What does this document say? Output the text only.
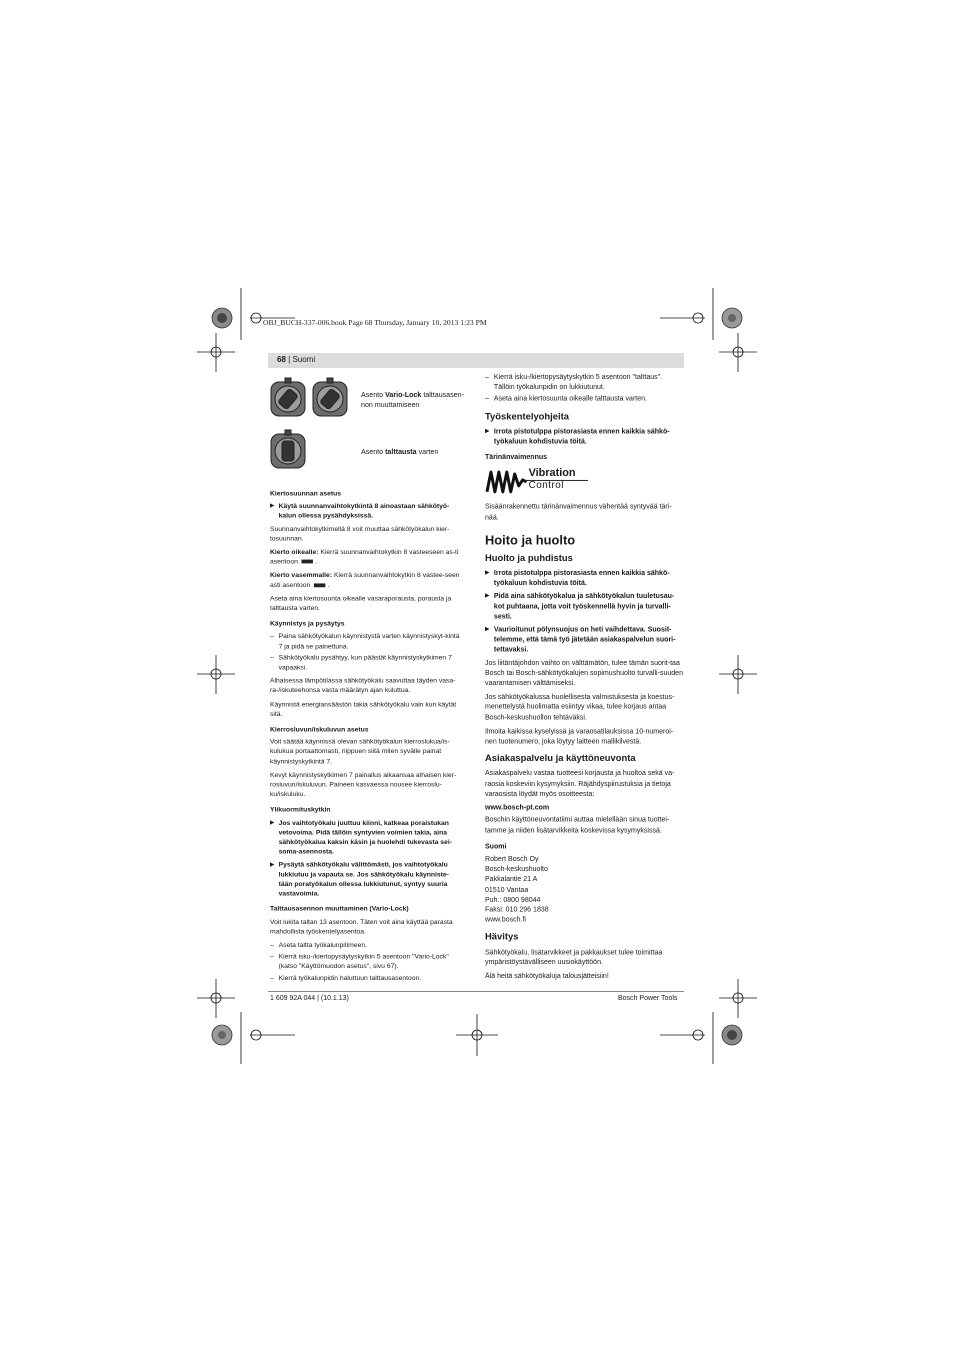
OBJ_BUCH-337-006.book Page 68 Thursday, January 10, 2013 1:23 PM
68 | Suomi
Asento Vario-Lock talttausasen-
non muuttamiseen
Asento talttausta varten
Kiertosuunnan asetus
▶ Käytä suunnanvaihtokytkintä 8 ainoastaan sähkötyö-kalun ollessa pysähdyksissä.

Suunnanvaihtokytkimellä 8 voit muuttaa sähkötyökalun kier-tosuunnan.

Kierto oikealle: Kierrä suunnanvaihtokytkin 8 vasteeseen as-ti asentoon .

Kierto vasemmalle: Kierrä suunnanvaihtokytkin 8 vastee-seen asti asentoon .

Aseta aina kiertosuunta oikealle vasaraporausta, porausta ja talttausta varten.

Käynnistys ja pysäytys
– Paina sähkötyökalun käynnistystä varten käynnistyskyt-kintä 7 ja pidä se painettuna.
– Sähkötyökalu pysähtyy, kun päästät käynnistyskytkimen 7 vapaaksi.

Alhaisessa lämpötilassa sähkötyökalu saavuttaa täyden vasa-ra-/iskuteehonsa vasta määrätyn ajan kuluttua.

Käynnistä energiansäästön takia sähkötyökalu vain kun käytät sitä.

Kierrosluvun/iskuluvun asetus

Voit säätää käynnissä olevan sähkötyökalun kierroslukua/is-kulukua portaattomasti, riippuen siitä miten syvälle painat käynnistyskytkintä 7.

Kevyt käynnistyskytkimen 7 painallus aikaansaa alhaisen kier-rosluvun/iskuluvun. Paineen kasvaessa nousee kierroslu-ku/iskuluku.

Ylikuormituskytkin
▶ Jos vaihtotyökalu juuttuu kiinni, katkeaa poraistukan vetovoima. Pidä tällöin syntyvien voimien takia, aina sähkötyökalua kaksin käsin ja huolehdi tukevasta sei-soma-asennosta.
▶ Pysäytä sähkötyökalu välittömästi, jos vaihtotyökalu lukkiutuu ja vapauta se. Jos sähkötyökalu käynniste-tään poratyökalun ollessa lukkiutunut, syntyy suuria vastavoimia.
Talttausasennon muuttaminen (Vario-Lock)

Voit lukita taltan 13 asentoon. Täten voit aina käyttää parasta mahdollista työskentelyasentoa.

– Aseta taltta työkalunpitimeen.
– Kierrä isku-/kiertopysäytyskytkin 5 asentoon "Vario-Lock" (katso "Käyttömuodon asetus", sivu 67).
– Kierrä työkalunpidin haluttuun talttausasentoon.
– Kierrä isku-/kiertopysäytyskytkin 5 asentoon "talttaus". Tällöin työkalunpidin on lukkiutunut.
– Aseta aina kiertosuunta oikealle talttausta varten.
Työskentelyohjeita
▶ Irrota pistotulppa pistorasiasta ennen kaikkia sähkö-työkaluun kohdistuvia töitä.
Tärinänvaimennus
Vibration
Control

Sisäänrakennettu tärinänvaimennus vähentää syntyvää täri-nää.

Hoito ja huolto
Huolto ja puhdistus
▶ Irrota pistotulppa pistorasiasta ennen kaikkia sähkö-työkaluun kohdistuvia töitä.
▶ Pidä aina sähkötyökalua ja sähkötyökalun tuuletusau-kot puhtaana, jotta voit työskennellä hyvin ja turvalli-sesti.
▶ Vaurioitunut pölynsuojus on heti vaihdettava. Suosit-telemme, että tämä työ jätetään asiakaspalvelun suori-tettavaksi.

Jos liitäntäjohdon vaihto on välttämätön, tulee tämän suorit-taa Bosch tai Bosch-sähkötyökalujen sopimushuolto turvalli-suuden vaarantamisen välttämiseksi.

Jos sähkötyökalussa huolellisesta valmistuksesta ja koestus-menettelystä huolimatta esiintyy vikaa, tulee korjaus antaa Bosch-keskushuollon tehtäväksi.

Ilmoita kaikissa kyselyissä ja varaosatilauksissa 10-numeroi-nen tuotenumero, joka löytyy laitteen mallikilvestä.

Asiakaspalvelu ja käyttöneuvonta

Asiakaspalvelu vastaa tuotteesi korjausta ja huoltoa sekä va-raosia koskeviin kysymyksiin. Räjähdyspiirustuksia ja tietoja varaosista löydät myös osoitteesta:

www.bosch-pt.com

Boschin käyttöneuvontatiimi auttaa mielellään sinua tuottei-tamme ja niiden lisätarvikkeita koskevissa kysymyksissä.

Suomi
Robert Bosch Oy
Bosch-keskushuolto
Pakkalantie 21 A
01510 Vantaa
Puh.: 0800 98044
Faksi: 010 296 1838
www.bosch.fi
Hävitys

Sähkötyökalu, lisätarvikkeet ja pakkaukset tulee toimittaa ympäristöystävälliseen uusiokäyttöön.

Älä heitä sähkötyökaluja talousjätteisiin!

1 609 92A 044 | (10.1.13)	Bosch Power Tools
